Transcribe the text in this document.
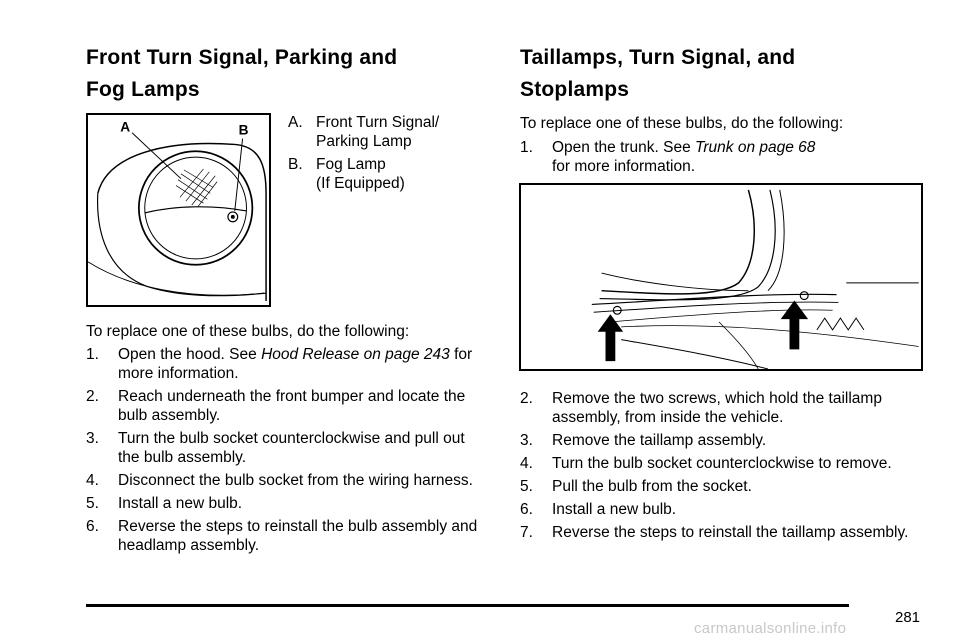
Front Turn Signal, Parking and
Fog Lamps
A	B	A. Front Turn Signal/
Parking Lamp
B. Fog Lamp
(If Equipped)

To replace one of these bulbs, do the following:

1.	Open the hood. See Hood Release on page 243 for more information.
2.	Reach underneath the front bumper and locate the bulb assembly.
3.	Turn the bulb socket counterclockwise and pull out the bulb assembly.
4.	Disconnect the bulb socket from the wiring harness.
5.	Install a new bulb.
6.	Reverse the steps to reinstall the bulb assembly and headlamp assembly.
Taillamps, Turn Signal, and
Stoplamps

To replace one of these bulbs, do the following:

1.	Open the trunk. See Trunk on page 68
for more information.
2.	Remove the two screws, which hold the taillamp assembly, from inside the vehicle.
3.	Remove the taillamp assembly.
4.	Turn the bulb socket counterclockwise to remove.
5.	Pull the bulb from the socket.
6.	Install a new bulb.
7.	Reverse the steps to reinstall the taillamp assembly.
281
carmanualsonline.info
